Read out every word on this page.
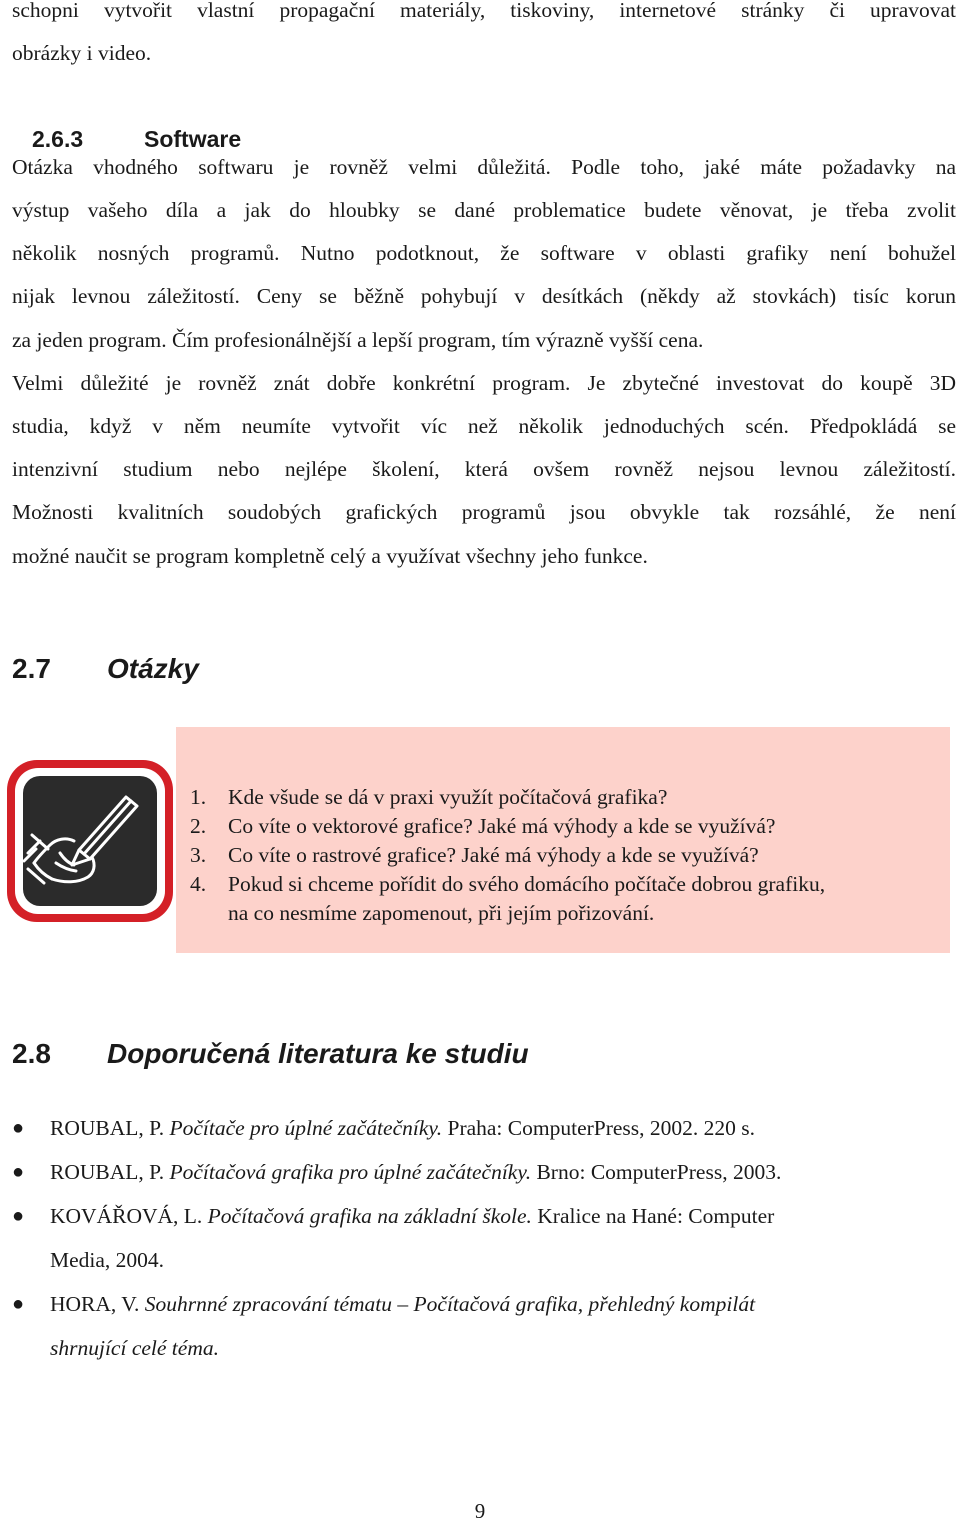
schopni vytvořit vlastní propagační materiály, tiskoviny, internetové stránky či upravovat
obrázky i video.
2.6.3	Software
Otázka vhodného softwaru je rovněž velmi důležitá. Podle toho, jaké máte požadavky na
výstup vašeho díla a jak do hloubky se dané problematice budete věnovat, je třeba zvolit
několik nosných programů. Nutno podotknout, že software v oblasti grafiky není bohužel
nijak levnou záležitostí. Ceny se běžně pohybují v desítkách (někdy až stovkách) tisíc korun
za jeden program. Čím profesionálnější a lepší program, tím výrazně vyšší cena.
Velmi důležité je rovněž znát dobře konkrétní program. Je zbytečné investovat do koupě 3D
studia, když v něm neumíte vytvořit víc než několik jednoduchých scén. Předpokládá se
intenzivní studium nebo nejlépe školení, která ovšem rovněž nejsou levnou záležitostí.
Možnosti kvalitních soudobých grafických programů jsou obvykle tak rozsáhlé, že není
možné naučit se program kompletně celý a využívat všechny jeho funkce.
2.7 Otázky
1. Kde všude se dá v praxi využít počítačová grafika?
2. Co víte o vektorové grafice? Jaké má výhody a kde se využívá?
3. Co víte o rastrové grafice? Jaké má výhody a kde se využívá?
4. Pokud si chceme pořídit do svého domácího počítače dobrou grafiku,
na co nesmíme zapomenout, při jejím pořizování.
2.8 Doporučená literatura ke studiu
● ROUBAL, P. Počítače pro úplné začátečníky. Praha: ComputerPress, 2002. 220 s.
● ROUBAL, P. Počítačová grafika pro úplné začátečníky. Brno: ComputerPress, 2003.
● KOVÁŘOVÁ, L. Počítačová grafika na základní škole. Kralice na Hané: Computer
Media, 2004.
● HORA, V. Souhrnné zpracování tématu – Počítačová grafika, přehledný kompilát
shrnující celé téma.
9
